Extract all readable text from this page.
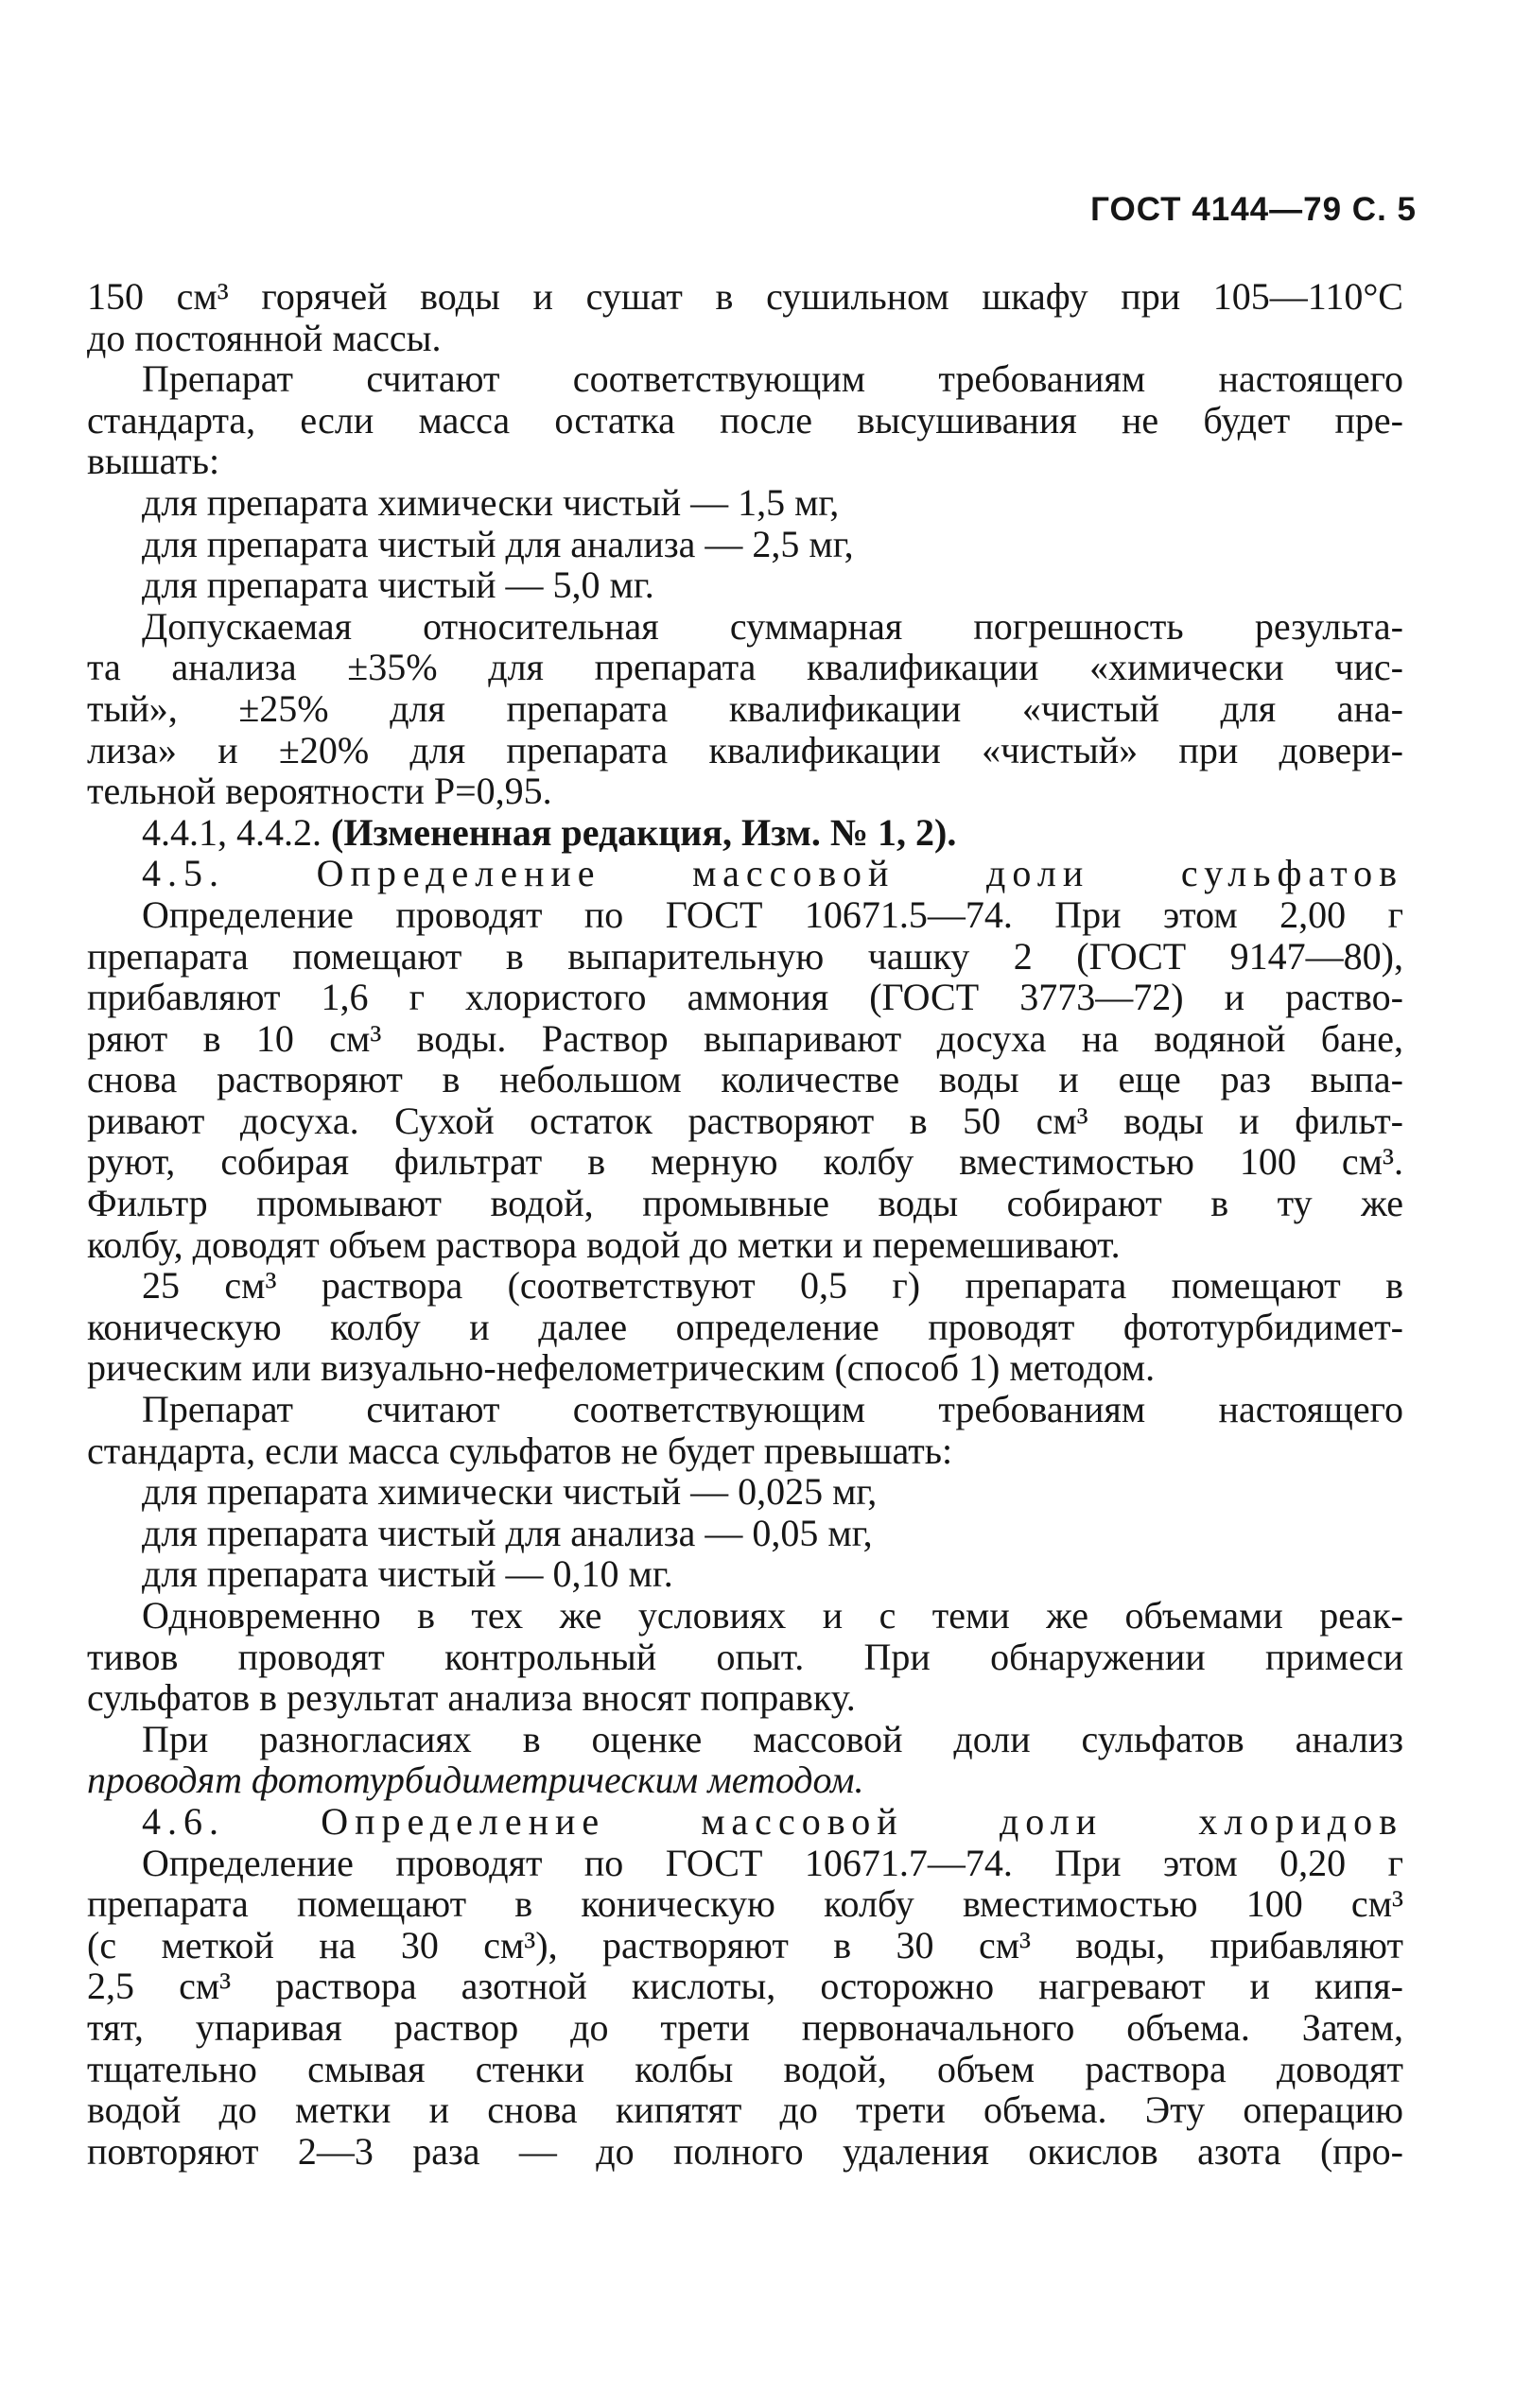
ГОСТ 4144—79 С. 5
150 см³ горячей воды и сушат в сушильном шкафу при 105—110°С
до постоянной массы.
Препарат считают соответствующим требованиям настоящего
стандарта, если масса остатка после высушивания не будет пре-
вышать:
для препарата химически чистый — 1,5 мг,
для препарата чистый для анализа — 2,5 мг,
для препарата чистый — 5,0 мг.
Допускаемая относительная суммарная погрешность результа-
та анализа ±35% для препарата квалификации «химически чис-
тый», ±25% для препарата квалификации «чистый для ана-
лиза» и ±20% для препарата квалификации «чистый» при довери-
тельной вероятности P=0,95.
4.4.1, 4.4.2. (Измененная редакция, Изм. № 1, 2).
4.5. Определение массовой доли сульфатов
Определение проводят по ГОСТ 10671.5—74. При этом 2,00 г
препарата помещают в выпарительную чашку 2 (ГОСТ 9147—80),
прибавляют 1,6 г хлористого аммония (ГОСТ 3773—72) и раство-
ряют в 10 см³ воды. Раствор выпаривают досуха на водяной бане,
снова растворяют в небольшом количестве воды и еще раз выпа-
ривают досуха. Сухой остаток растворяют в 50 см³ воды и фильт-
руют, собирая фильтрат в мерную колбу вместимостью 100 см³.
Фильтр промывают водой, промывные воды собирают в ту же
колбу, доводят объем раствора водой до метки и перемешивают.
25 см³ раствора (соответствуют 0,5 г) препарата помещают в
коническую колбу и далее определение проводят фототурбидимет-
рическим или визуально-нефелометрическим (способ 1) методом.
Препарат считают соответствующим требованиям настоящего
стандарта, если масса сульфатов не будет превышать:
для препарата химически чистый — 0,025 мг,
для препарата чистый для анализа — 0,05 мг,
для препарата чистый — 0,10 мг.
Одновременно в тех же условиях и с теми же объемами реак-
тивов проводят контрольный опыт. При обнаружении примеси
сульфатов в результат анализа вносят поправку.
При разногласиях в оценке массовой доли сульфатов анализ
проводят фототурбидиметрическим методом.
4.6. Определение массовой доли хлоридов
Определение проводят по ГОСТ 10671.7—74. При этом 0,20 г
препарата помещают в коническую колбу вместимостью 100 см³
(с меткой на 30 см³), растворяют в 30 см³ воды, прибавляют
2,5 см³ раствора азотной кислоты, осторожно нагревают и кипя-
тят, упаривая раствор до трети первоначального объема. Затем,
тщательно смывая стенки колбы водой, объем раствора доводят
водой до метки и снова кипятят до трети объема. Эту операцию
повторяют 2—3 раза — до полного удаления окислов азота (про-
